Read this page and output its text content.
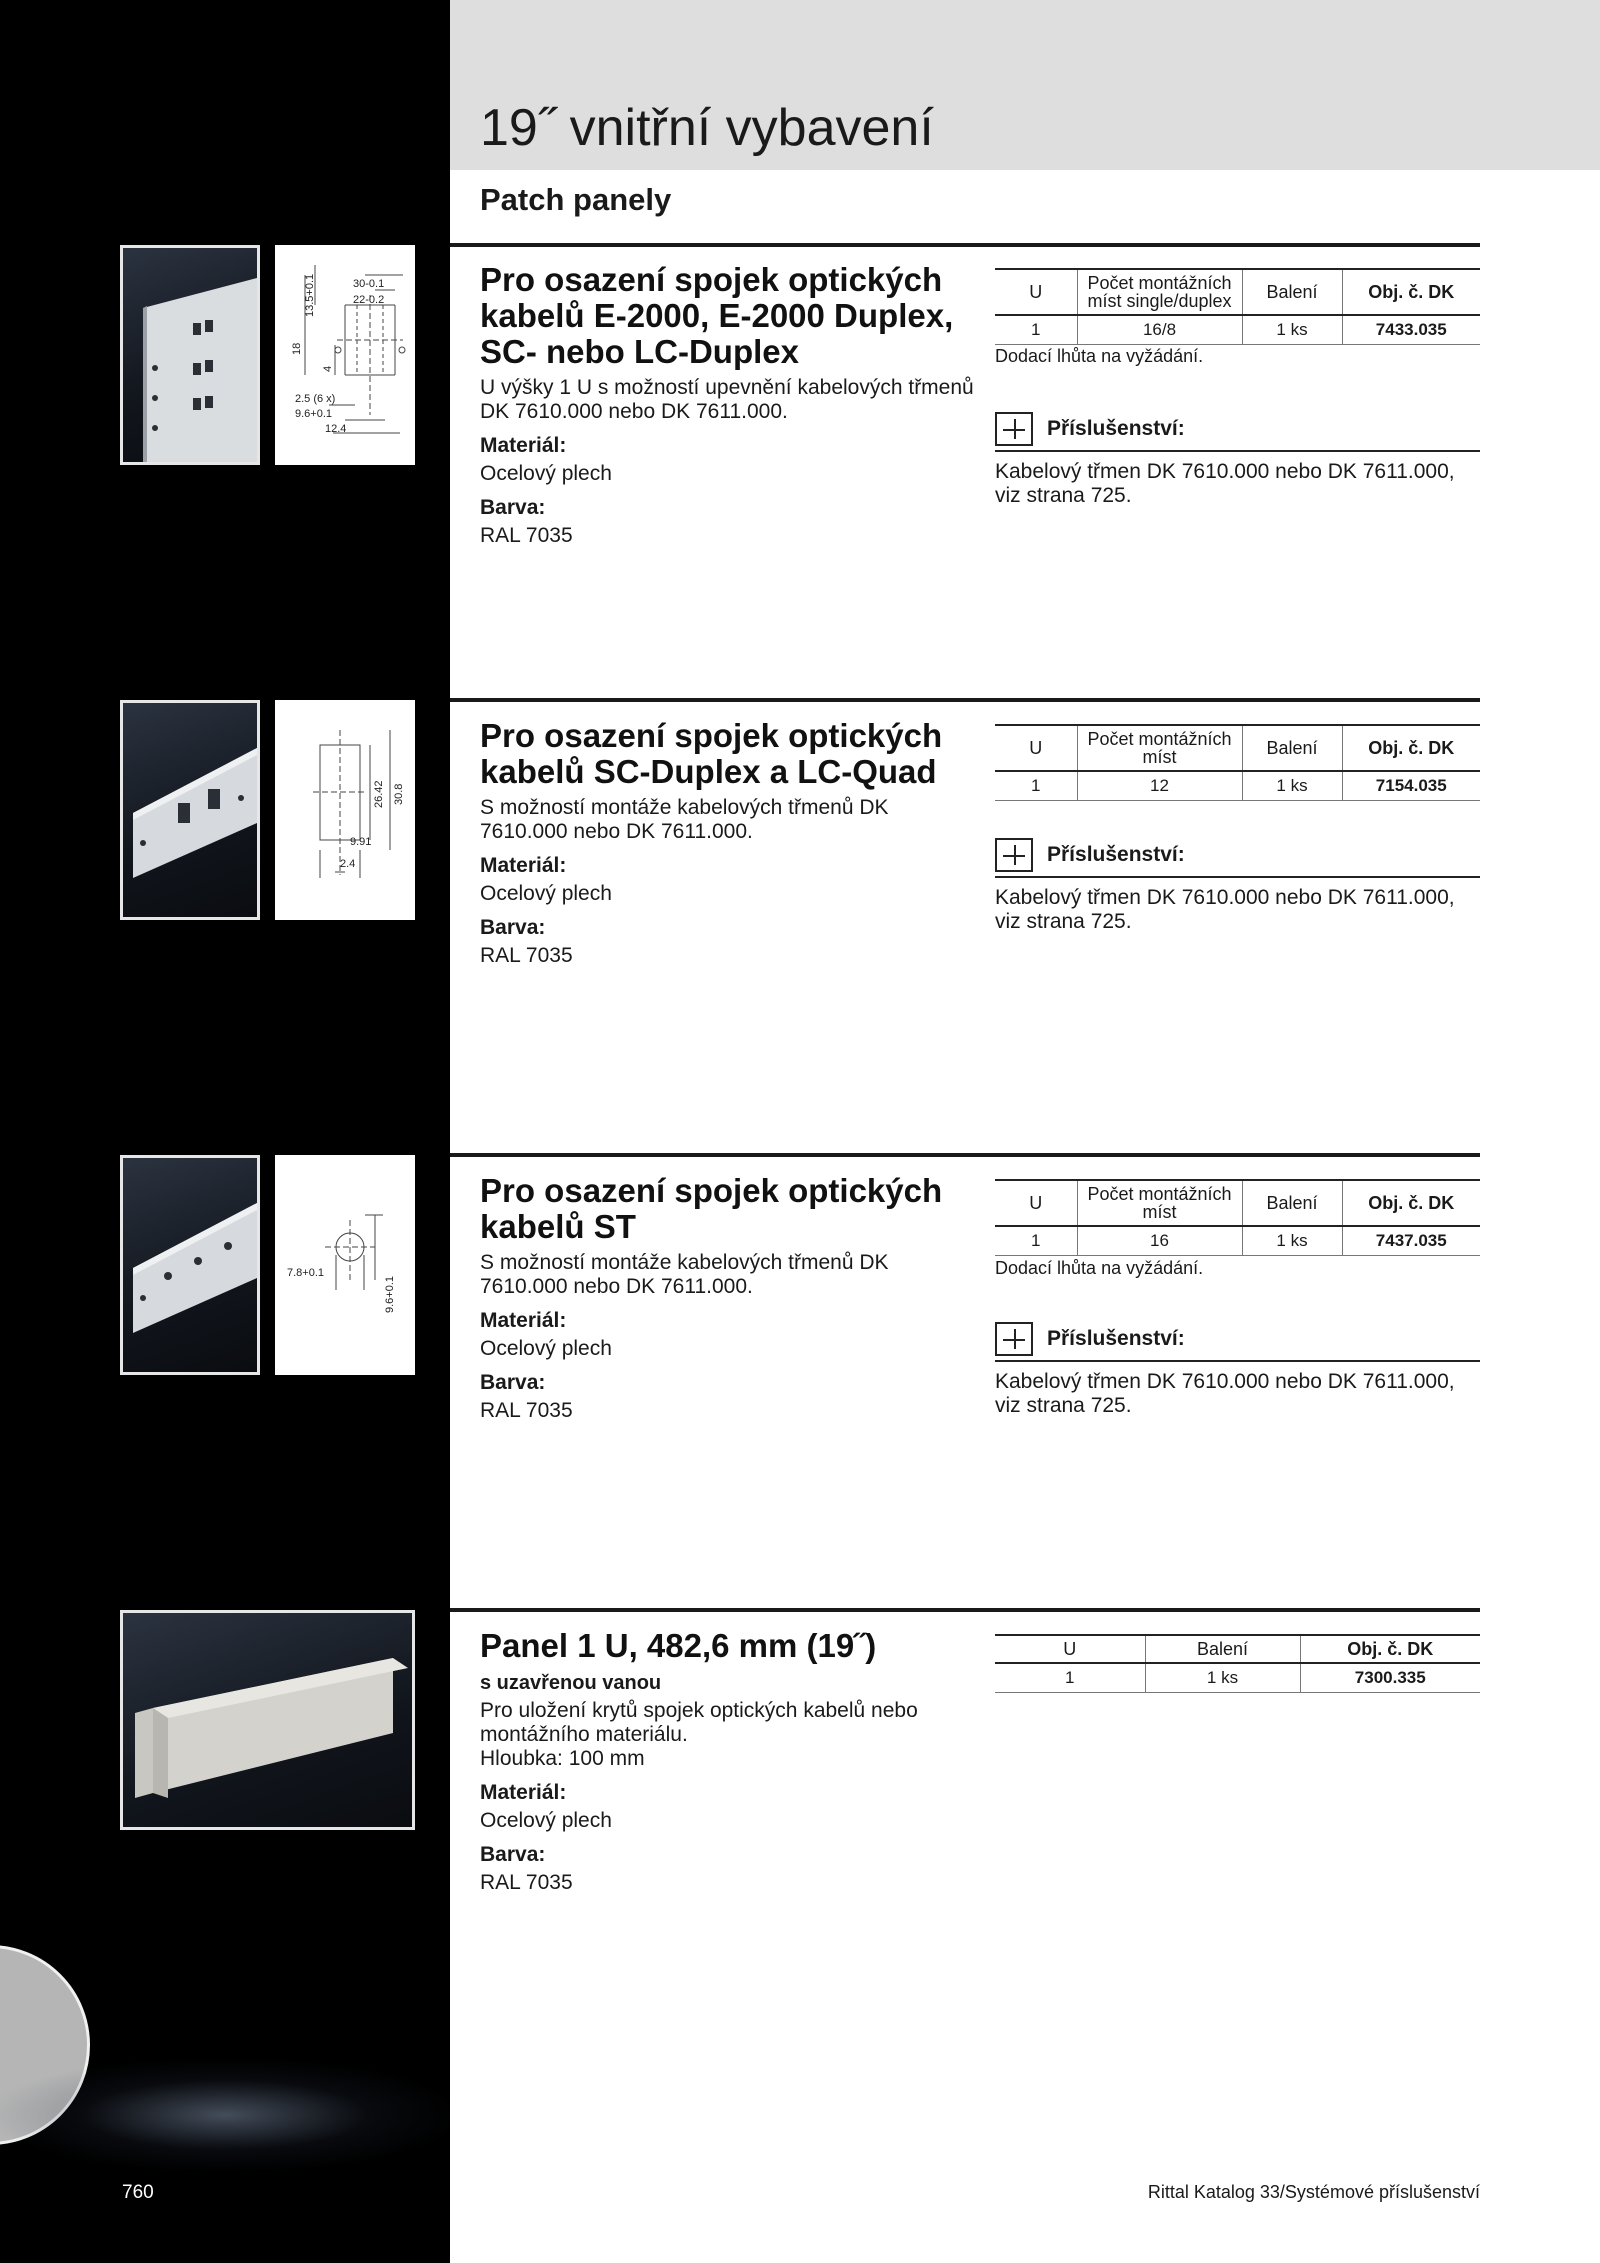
19˝ vnitřní vybavení
Patch panely
13.5+0.1	30-0.1
22-0.2
18
4
2.5 (6 x)
9.6+0.1
12.4
Pro osazení spojek optických kabelů E-2000, E-2000 Duplex, SC- nebo LC-Duplex
U výšky 1 U s možností upevnění kabelových třmenů DK 7610.000 nebo DK 7611.000.
Materiál:
Ocelový plech
Barva:
RAL 7035
U	Počet montážních míst single/duplex	Balení	Obj. č. DK
1	16/8	1 ks	7433.035
Dodací lhůta na vyžádání.
Příslušenství:
Kabelový třmen DK 7610.000 nebo DK 7611.000, viz strana 725.
26.42 30.8
9.91
2.4
Pro osazení spojek optických kabelů SC-Duplex a LC-Quad
S možností montáže kabelových třmenů DK 7610.000 nebo DK 7611.000.
Materiál:
Ocelový plech
Barva:
RAL 7035
U	Počet montážních míst	Balení	Obj. č. DK
1	12	1 ks	7154.035
Příslušenství:
Kabelový třmen DK 7610.000 nebo DK 7611.000, viz strana 725.
7.8+0.1
9.6+0.1
Pro osazení spojek optických kabelů ST
S možností montáže kabelových třmenů DK 7610.000 nebo DK 7611.000.
Materiál:
Ocelový plech
Barva:
RAL 7035
U	Počet montážních míst	Balení	Obj. č. DK
1	16	1 ks	7437.035
Dodací lhůta na vyžádání.
Příslušenství:
Kabelový třmen DK 7610.000 nebo DK 7611.000, viz strana 725.
Panel 1 U, 482,6 mm (19˝)
s uzavřenou vanou
Pro uložení krytů spojek optických kabelů nebo montážního materiálu.
Hloubka: 100 mm
Materiál:
Ocelový plech
Barva:
RAL 7035
U	Balení	Obj. č. DK
1	1 ks	7300.335
760	Rittal Katalog 33/Systémové příslušenství
